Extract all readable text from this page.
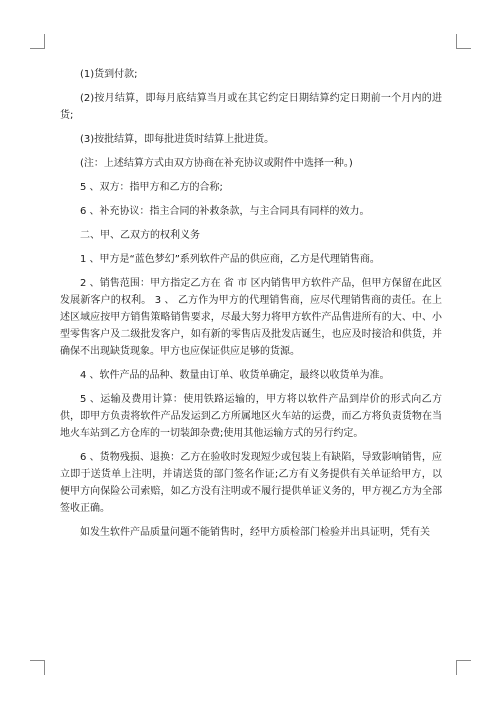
(1)货到付款;

(2)按月结算，即每月底结算当月或在其它约定日期结算约定日期前一个月内的进货;

(3)按批结算，即每批进货时结算上批进货。

(注：上述结算方式由双方协商在补充协议或附件中选择一种。)

5 、双方：指甲方和乙方的合称;

6 、补充协议：指主合同的补救条款，与主合同具有同样的效力。

二、甲、乙双方的权利义务

1 、甲方是“蓝色梦幻”系列软件产品的供应商，乙方是代理销售商。

2 、销售范围：甲方指定乙方在 省 市 区内销售甲方软件产品，但甲方保留在此区发展新客户的权利。 3 、 乙方作为甲方的代理销售商，应尽代理销售商的责任。在上述区域应按甲方销售策略销售要求，尽最大努力将甲方软件产品售进所有的大、中、小型零售客户及二级批发客户，如有新的零售店及批发店诞生，也应及时接洽和供货，并确保不出现缺货现象。甲方也应保证供应足够的货源。

4 、软件产品的品种、数量由订单、收货单确定，最终以收货单为准。

5 、运输及费用计算：使用铁路运输的，甲方将以软件产品到岸价的形式向乙方供，即甲方负责将软件产品发运到乙方所属地区火车站的运费，而乙方将负责货物在当地火车站到乙方仓库的一切装卸杂费;使用其他运输方式的另行约定。

6 、货物残损、退换：乙方在验收时发现短少或包装上有缺陷，导致影响销售，应立即于送货单上注明，并请送货的部门签名作证;乙方有义务提供有关单证给甲方，以便甲方向保险公司索赔，如乙方没有注明或不履行提供单证义务的，甲方视乙方为全部签收正确。

如发生软件产品质量问题不能销售时，经甲方质检部门检验并出具证明，凭有关
